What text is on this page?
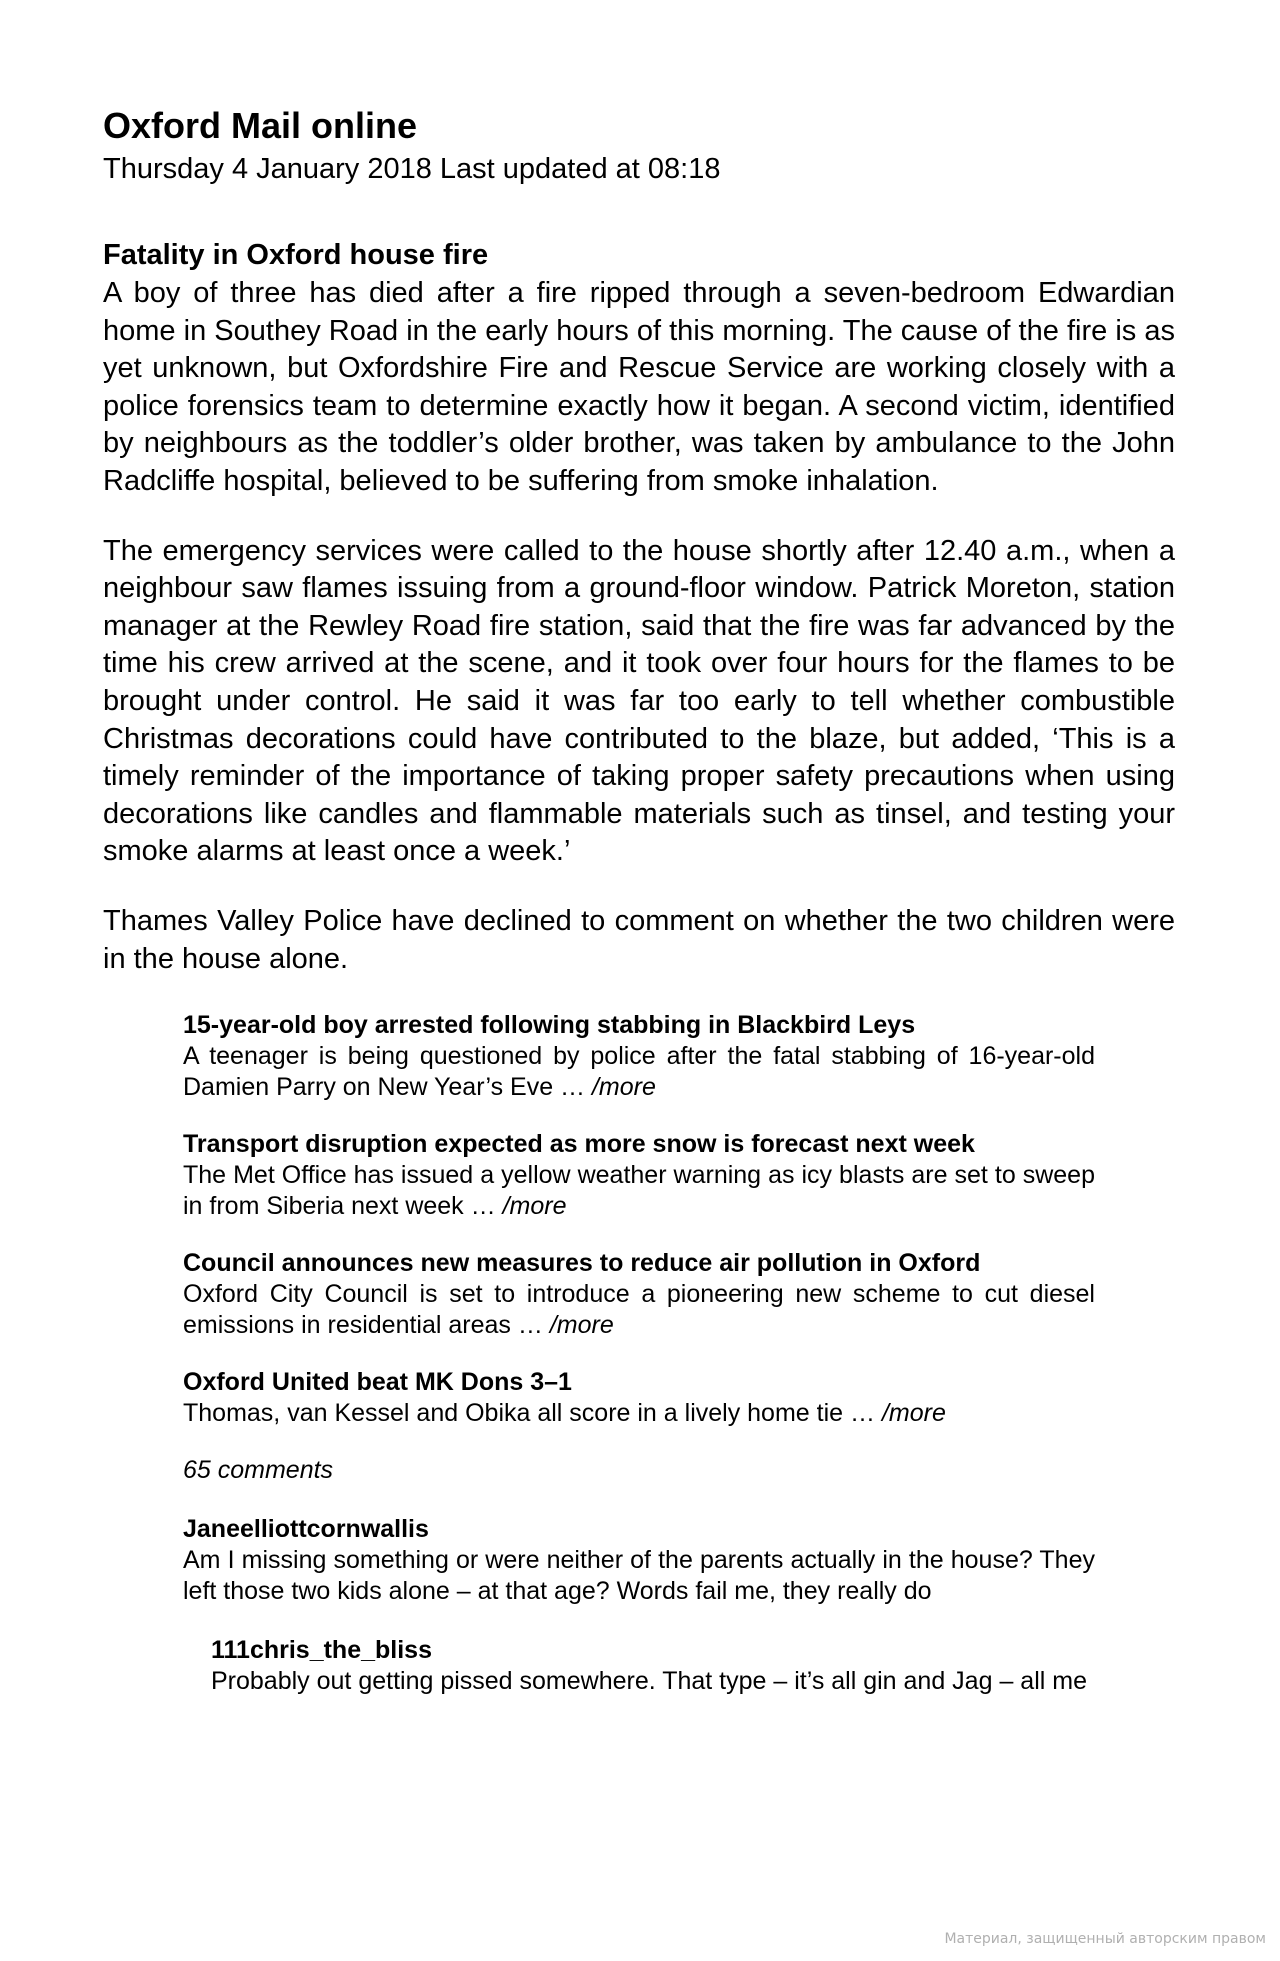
Oxford Mail online
Thursday 4 January 2018 Last updated at 08:18
Fatality in Oxford house fire

A boy of three has died after a fire ripped through a seven-bedroom Edwardian home in Southey Road in the early hours of this morning. The cause of the fire is as yet unknown, but Oxfordshire Fire and Rescue Service are working closely with a police forensics team to determine exactly how it began. A second victim, identified by neighbours as the toddler’s older brother, was taken by ambulance to the John Radcliffe hospital, believed to be suffering from smoke inhalation.

The emergency services were called to the house shortly after 12.40 a.m., when a neighbour saw flames issuing from a ground-floor window. Patrick Moreton, station manager at the Rewley Road fire station, said that the fire was far advanced by the time his crew arrived at the scene, and it took over four hours for the flames to be brought under control. He said it was far too early to tell whether combustible Christmas decorations could have contributed to the blaze, but added, ‘This is a timely reminder of the importance of taking proper safety precautions when using decorations like candles and flammable materials such as tinsel, and testing your smoke alarms at least once a week.’

Thames Valley Police have declined to comment on whether the two children were in the house alone.

15-year-old boy arrested following stabbing in Blackbird Leys
A teenager is being questioned by police after the fatal stabbing of 16-year-old Damien Parry on New Year’s Eve … /more
Transport disruption expected as more snow is forecast next week
The Met Office has issued a yellow weather warning as icy blasts are set to sweep in from Siberia next week … /more
Council announces new measures to reduce air pollution in Oxford
Oxford City Council is set to introduce a pioneering new scheme to cut diesel emissions in residential areas … /more
Oxford United beat MK Dons 3–1
Thomas, van Kessel and Obika all score in a lively home tie … /more
65 comments
Janeelliottcornwallis
Am I missing something or were neither of the parents actually in the house? They left those two kids alone – at that age? Words fail me, they really do
111chris_the_bliss
Probably out getting pissed somewhere. That type – it’s all gin and Jag – all me
Материал, защищенный авторским правом
